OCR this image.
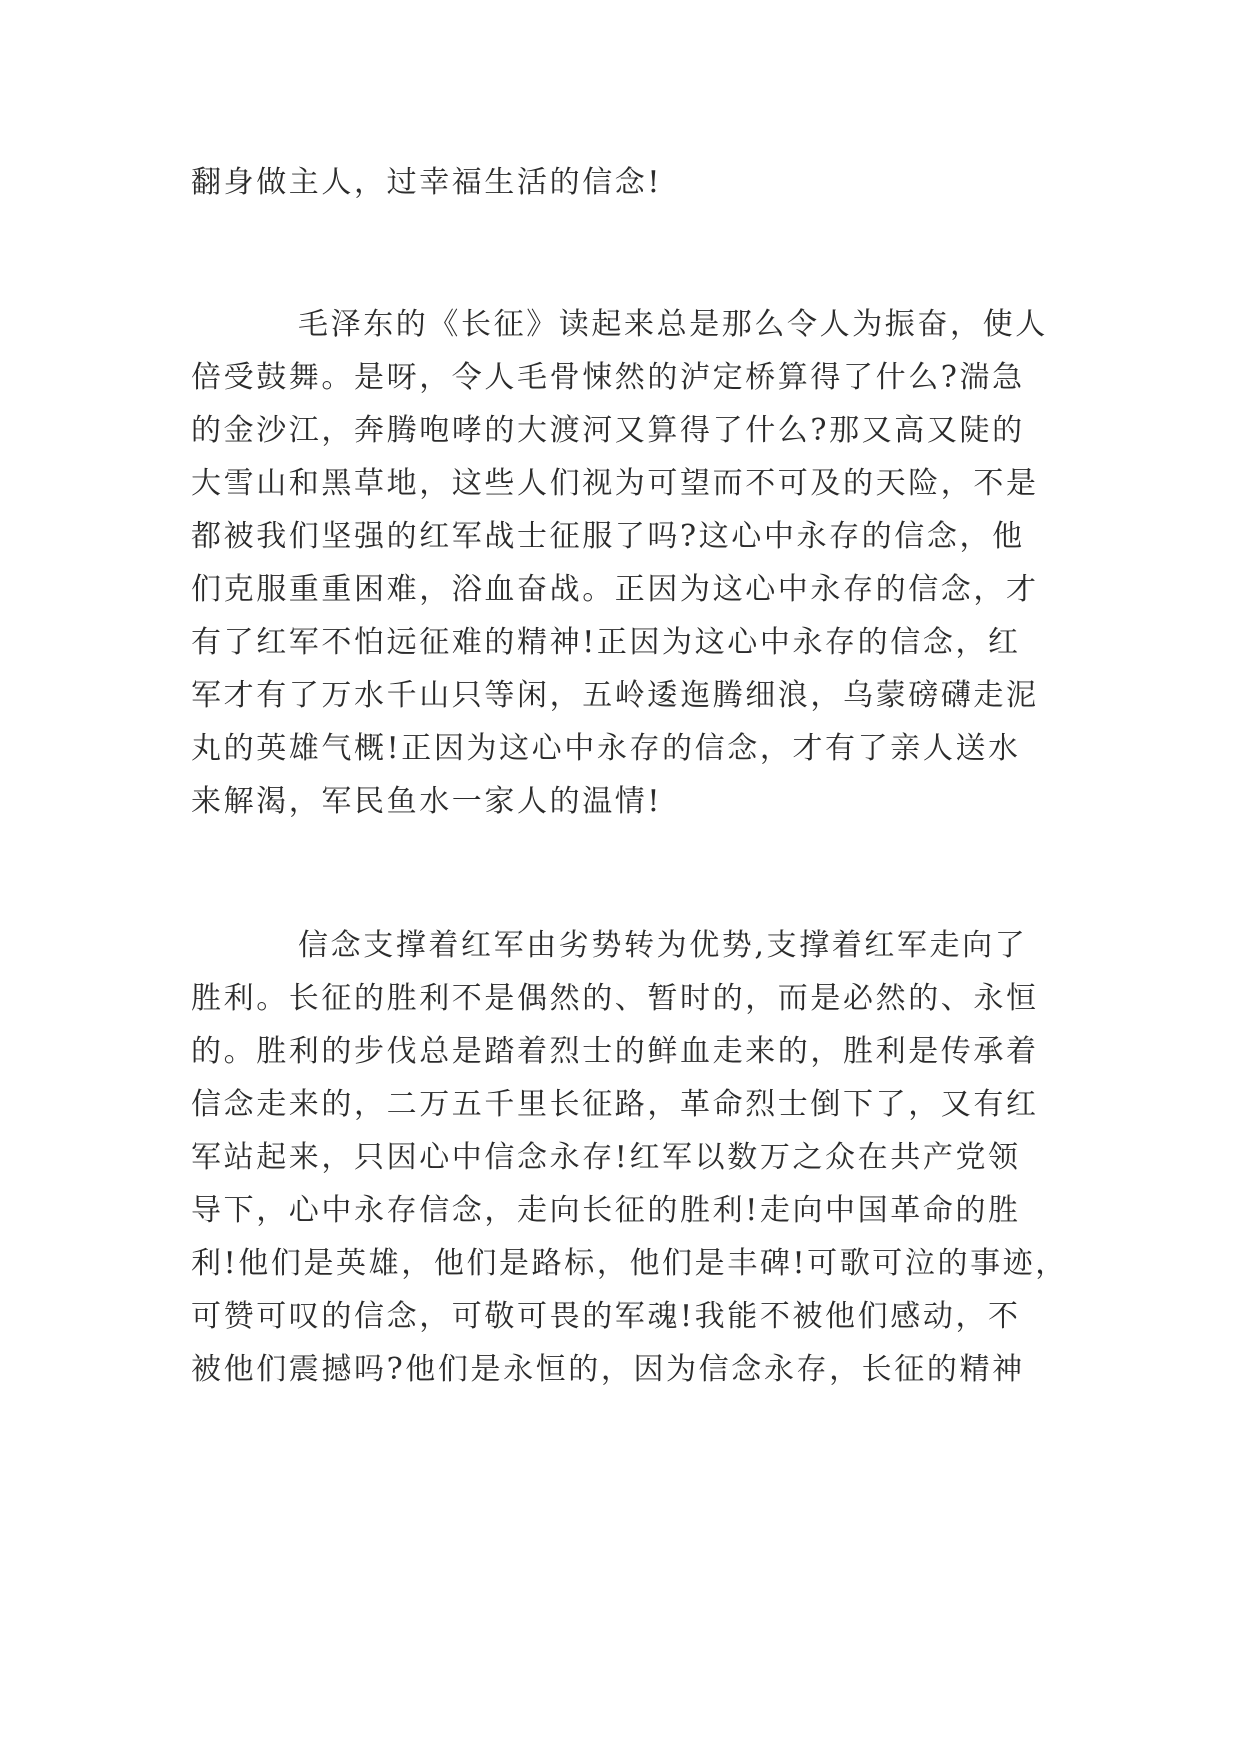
翻身做主人，过幸福生活的信念!

毛泽东的《长征》读起来总是那么令人为振奋，使人

倍受鼓舞。是呀，令人毛骨悚然的泸定桥算得了什么?湍急

的金沙江，奔腾咆哮的大渡河又算得了什么?那又高又陡的

大雪山和黑草地，这些人们视为可望而不可及的天险，不是

都被我们坚强的红军战士征服了吗?这心中永存的信念，他

们克服重重困难，浴血奋战。正因为这心中永存的信念，才

有了红军不怕远征难的精神!正因为这心中永存的信念，红

军才有了万水千山只等闲，五岭逶迤腾细浪，乌蒙磅礴走泥

丸的英雄气概!正因为这心中永存的信念，才有了亲人送水

来解渴，军民鱼水一家人的温情!

信念支撑着红军由劣势转为优势,支撑着红军走向了

胜利。长征的胜利不是偶然的、暂时的，而是必然的、永恒

的。胜利的步伐总是踏着烈士的鲜血走来的，胜利是传承着

信念走来的，二万五千里长征路，革命烈士倒下了，又有红

军站起来，只因心中信念永存!红军以数万之众在共产党领

导下，心中永存信念，走向长征的胜利!走向中国革命的胜

利!他们是英雄，他们是路标，他们是丰碑!可歌可泣的事迹，

可赞可叹的信念，可敬可畏的军魂!我能不被他们感动，不

被他们震撼吗?他们是永恒的，因为信念永存，长征的精神
